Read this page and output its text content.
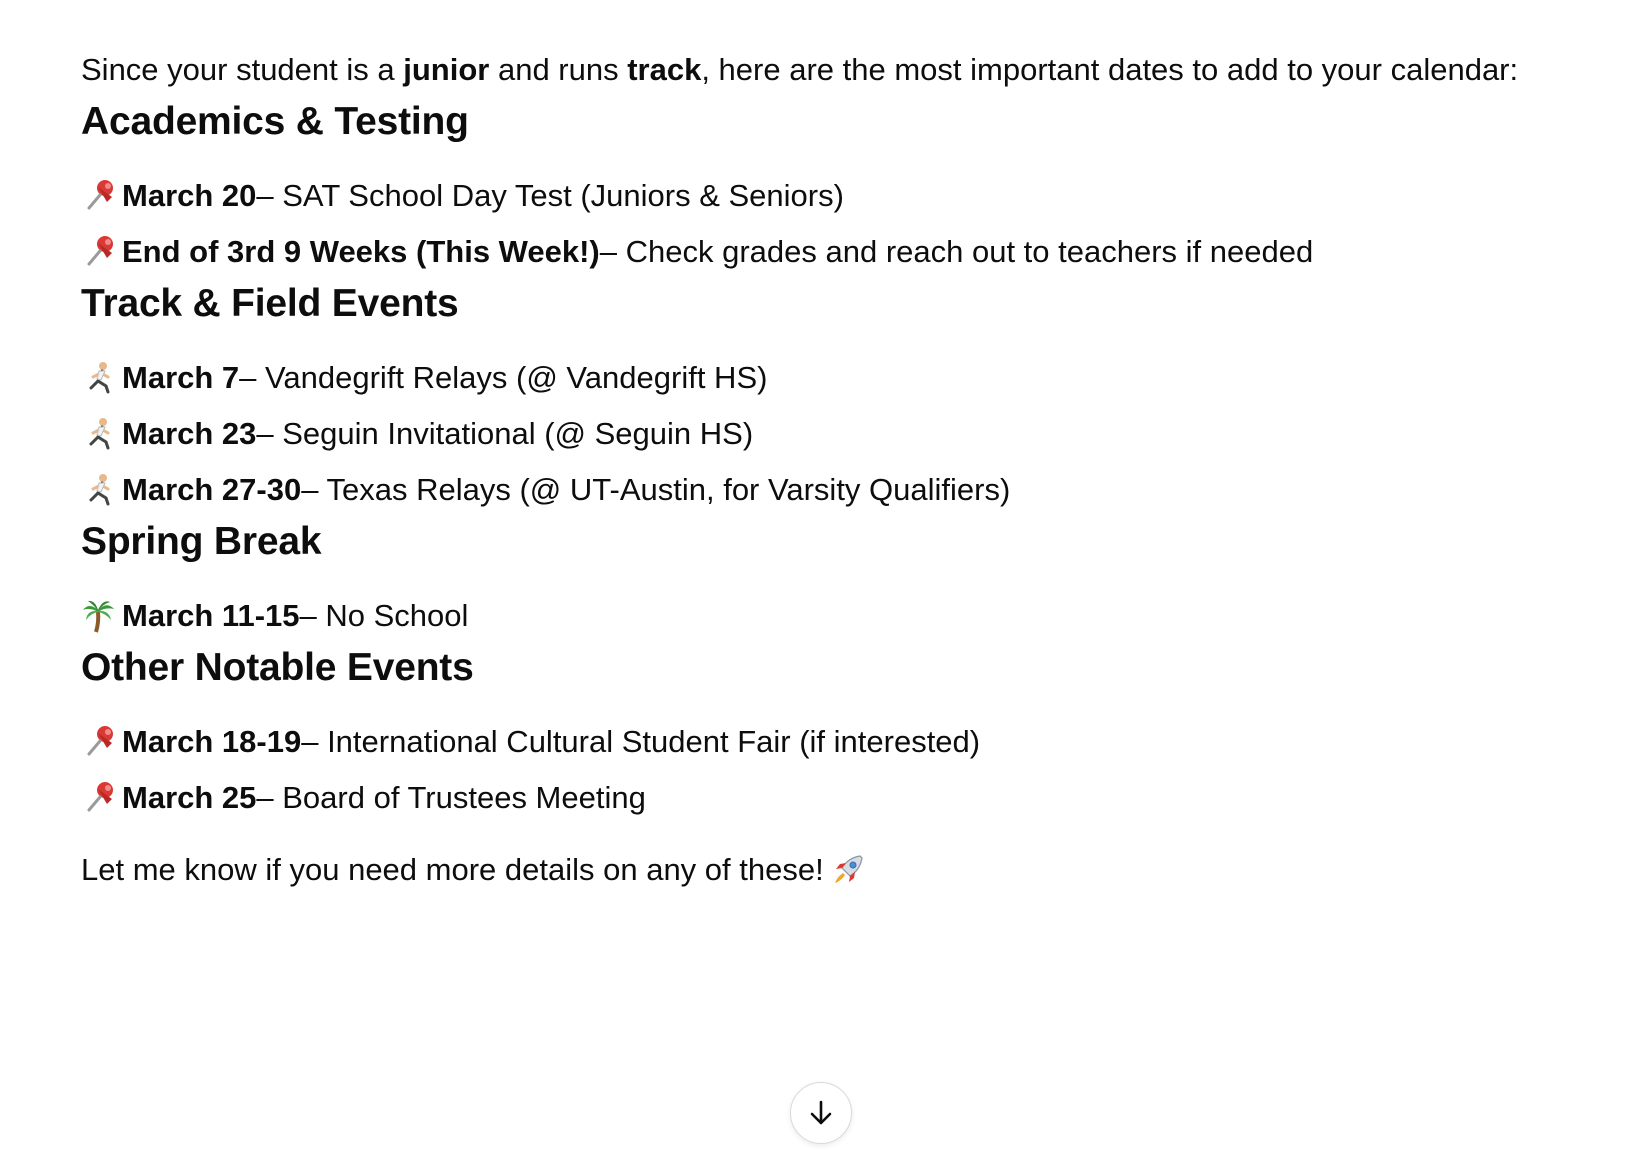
Since your student is a junior and runs track, here are the most important dates to add to your calendar:

Academics & Testing
March 20 – SAT School Day Test (Juniors & Seniors)
End of 3rd 9 Weeks (This Week!) – Check grades and reach out to teachers if needed
Track & Field Events
March 7 – Vandegrift Relays (@ Vandegrift HS)
March 23 – Seguin Invitational (@ Seguin HS)
March 27-30 – Texas Relays (@ UT-Austin, for Varsity Qualifiers)
Spring Break
March 11-15 – No School
Other Notable Events
March 18-19 – International Cultural Student Fair (if interested)
March 25 – Board of Trustees Meeting
Let me know if you need more details on any of these!
